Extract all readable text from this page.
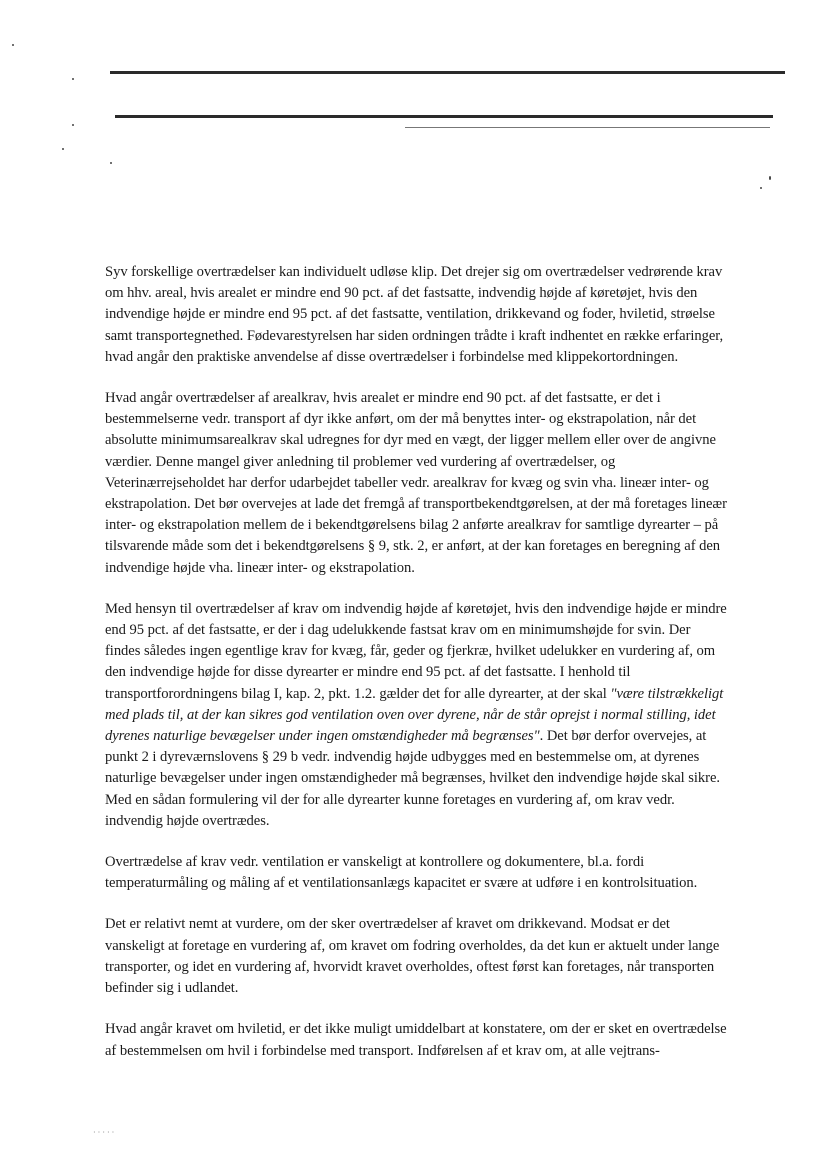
Syv forskellige overtrædelser kan individuelt udløse klip. Det drejer sig om overtrædelser vedrørende krav om hhv. areal, hvis arealet er mindre end 90 pct. af det fastsatte, indvendig højde af køretøjet, hvis den indvendige højde er mindre end 95 pct. af det fastsatte, ventilation, drikkevand og foder, hviletid, strøelse samt transportegnethed. Fødevarestyrelsen har siden ordningen trådte i kraft indhentet en række erfaringer, hvad angår den praktiske anvendelse af disse overtrædelser i forbindelse med klippekortordningen.

Hvad angår overtrædelser af arealkrav, hvis arealet er mindre end 90 pct. af det fastsatte, er det i bestemmelserne vedr. transport af dyr ikke anført, om der må benyttes inter- og ekstrapolation, når det absolutte minimumsarealkrav skal udregnes for dyr med en vægt, der ligger mellem eller over de angivne værdier. Denne mangel giver anledning til problemer ved vurdering af overtrædelser, og Veterinærrejseholdet har derfor udarbejdet tabeller vedr. arealkrav for kvæg og svin vha. lineær inter- og ekstrapolation. Det bør overvejes at lade det fremgå af transportbekendtgørelsen, at der må foretages lineær inter- og ekstrapolation mellem de i bekendtgørelsens bilag 2 anførte arealkrav for samtlige dyrearter – på tilsvarende måde som det i bekendtgørelsens § 9, stk. 2, er anført, at der kan foretages en beregning af den indvendige højde vha. lineær inter- og ekstrapolation.

Med hensyn til overtrædelser af krav om indvendig højde af køretøjet, hvis den indvendige højde er mindre end 95 pct. af det fastsatte, er der i dag udelukkende fastsat krav om en minimumshøjde for svin. Der findes således ingen egentlige krav for kvæg, får, geder og fjerkræ, hvilket udelukker en vurdering af, om den indvendige højde for disse dyrearter er mindre end 95 pct. af det fastsatte. I henhold til transportforordningens bilag I, kap. 2, pkt. 1.2. gælder det for alle dyrearter, at der skal "være tilstrækkeligt med plads til, at der kan sikres god ventilation oven over dyrene, når de står oprejst i normal stilling, idet dyrenes naturlige bevægelser under ingen omstændigheder må begrænses". Det bør derfor overvejes, at punkt 2 i dyreværnslovens § 29 b vedr. indvendig højde udbygges med en bestemmelse om, at dyrenes naturlige bevægelser under ingen omstændigheder må begrænses, hvilket den indvendige højde skal sikre. Med en sådan formulering vil der for alle dyrearter kunne foretages en vurdering af, om krav vedr. indvendig højde overtrædes.

Overtrædelse af krav vedr. ventilation er vanskeligt at kontrollere og dokumentere, bl.a. fordi temperaturmåling og måling af et ventilationsanlægs kapacitet er svære at udføre i en kontrolsituation.

Det er relativt nemt at vurdere, om der sker overtrædelser af kravet om drikkevand. Modsat er det vanskeligt at foretage en vurdering af, om kravet om fodring overholdes, da det kun er aktuelt under lange transporter, og idet en vurdering af, hvorvidt kravet overholdes, oftest først kan foretages, når transporten befinder sig i udlandet.

Hvad angår kravet om hviletid, er det ikke muligt umiddelbart at konstatere, om der er sket en overtrædelse af bestemmelsen om hvil i forbindelse med transport. Indførelsen af et krav om, at alle vejtrans-

· · · · ·
